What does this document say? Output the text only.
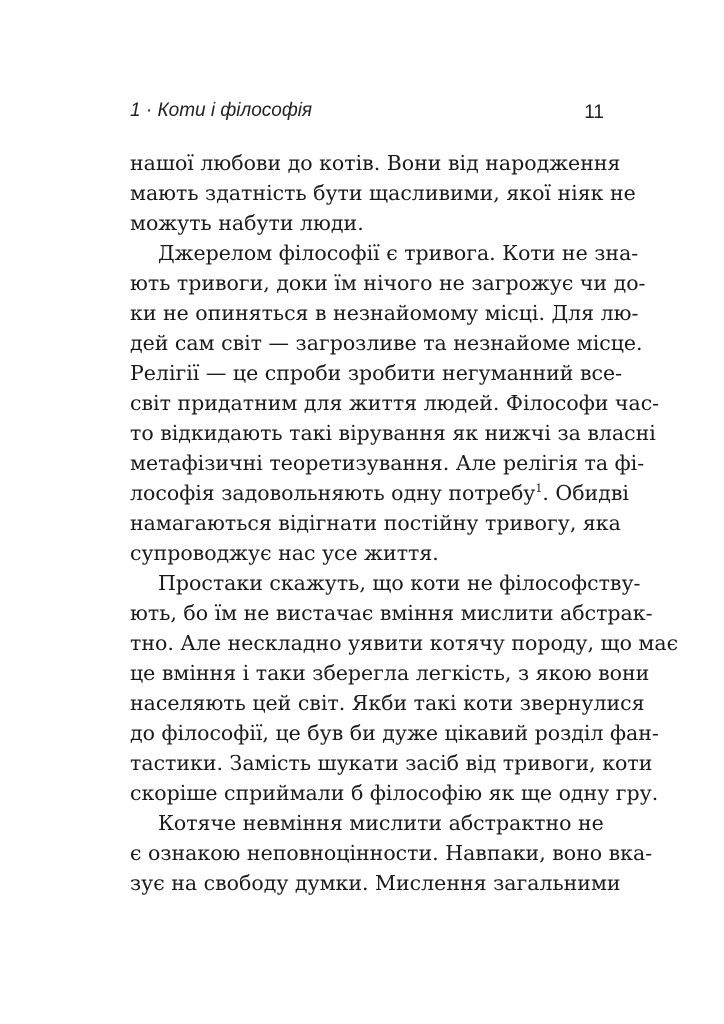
1 · Коти і філософія	11
нашої любови до котів. Вони від народження
мають здатність бути щасливими, якої ніяк не
можуть набути люди.
Джерелом філософії є тривога. Коти не зна-
ють тривоги, доки їм нічого не загрожує чи до-
ки не опиняться в незнайомому місці. Для лю-
дей сам світ — загрозливе та незнайоме місце.
Релігії — це спроби зробити негуманний все-
світ придатним для життя людей. Філософи час-
то відкидають такі вірування як нижчі за власні
метафізичні теоретизування. Але релігія та фі-
лософія задовольняють одну потребу$^1$. Обидві
намагаються відігнати постійну тривогу, яка
супроводжує нас усе життя.
Простаки скажуть, що коти не філософству-
ють, бо їм не вистачає вміння мислити абстрак-
тно. Але нескладно уявити котячу породу, що має
це вміння і таки зберегла легкість, з якою вони
населяють цей світ. Якби такі коти звернулися
до філософії, це був би дуже цікавий розділ фан-
тастики. Замість шукати засіб від тривоги, коти
скоріше сприймали б філософію як ще одну гру.
Котяче невміння мислити абстрактно не
є ознакою неповноцінности. Навпаки, воно вка-
зує на свободу думки. Мислення загальними
